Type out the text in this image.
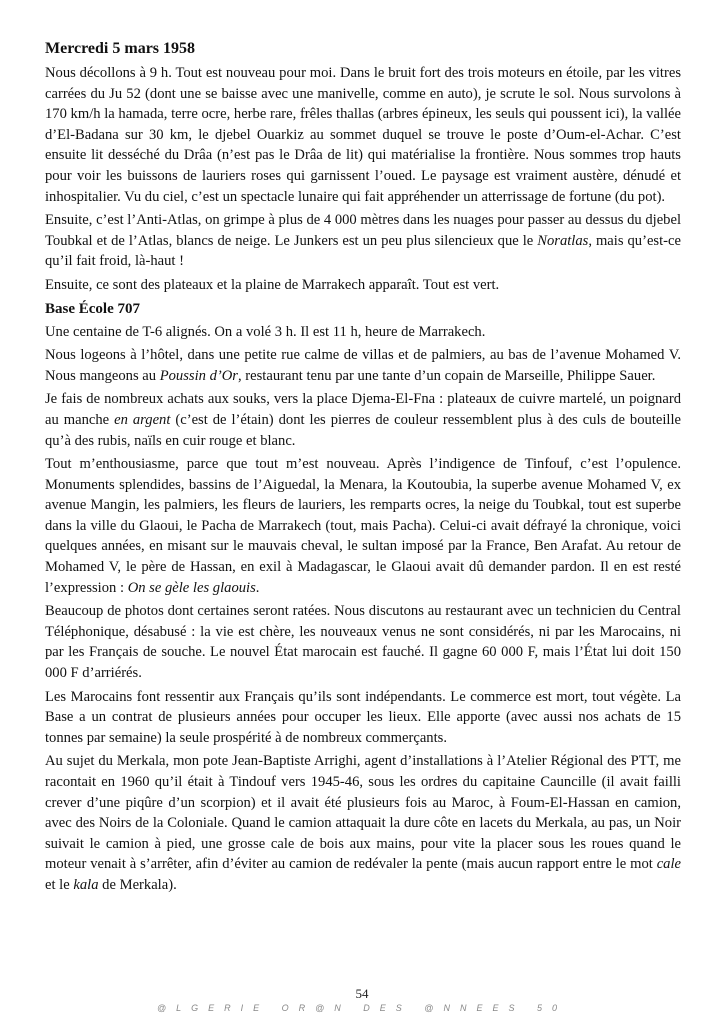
Mercredi 5 mars 1958

Nous décollons à 9 h. Tout est nouveau pour moi. Dans le bruit fort des trois moteurs en étoile, par les vitres carrées du Ju 52 (dont une se baisse avec une manivelle, comme en auto), je scrute le sol. Nous survolons à 170 km/h la hamada, terre ocre, herbe rare, frêles thallas (arbres épineux, les seuls qui poussent ici), la vallée d’El-Badana sur 30 km, le djebel Ouarkiz au sommet duquel se trouve le poste d’Oum-el-Achar. C’est ensuite lit desséché du Drâa (n’est pas le Drâa de lit) qui matérialise la frontière. Nous sommes trop hauts pour voir les buissons de lauriers roses qui garnissent l’oued. Le paysage est vraiment austère, dénudé et inhospitalier. Vu du ciel, c’est un spectacle lunaire qui fait appréhender un atterrissage de fortune (du pot).

Ensuite, c’est l’Anti-Atlas, on grimpe à plus de 4 000 mètres dans les nuages pour passer au dessus du djebel Toubkal et de l’Atlas, blancs de neige. Le Junkers est un peu plus silencieux que le Noratlas, mais qu’est-ce qu’il fait froid, là-haut !

Ensuite, ce sont des plateaux et la plaine de Marrakech apparaît. Tout est vert.

Base École 707

Une centaine de T-6 alignés. On a volé 3 h. Il est 11 h, heure de Marrakech.

Nous logeons à l’hôtel, dans une petite rue calme de villas et de palmiers, au bas de l’avenue Mohamed V. Nous mangeons au Poussin d’Or, restaurant tenu par une tante d’un copain de Marseille, Philippe Sauer.

Je fais de nombreux achats aux souks, vers la place Djema-El-Fna : plateaux de cuivre martelé, un poignard au manche en argent (c’est de l’étain) dont les pierres de couleur ressemblent plus à des culs de bouteille qu’à des rubis, naïls en cuir rouge et blanc.

Tout m’enthousiasme, parce que tout m’est nouveau. Après l’indigence de Tinfouf, c’est l’opulence. Monuments splendides, bassins de l’Aiguedal, la Menara, la Koutoubia, la superbe avenue Mohamed V, ex avenue Mangin, les palmiers, les fleurs de lauriers, les remparts ocres, la neige du Toubkal, tout est superbe dans la ville du Glaoui, le Pacha de Marrakech (tout, mais Pacha). Celui-ci avait défrayé la chronique, voici quelques années, en misant sur le mauvais cheval, le sultan imposé par la France, Ben Arafat. Au retour de Mohamed V, le père de Hassan, en exil à Madagascar, le Glaoui avait dû demander pardon. Il en est resté l’expression : On se gèle les glaouis.

Beaucoup de photos dont certaines seront ratées. Nous discutons au restaurant avec un technicien du Central Téléphonique, désabusé : la vie est chère, les nouveaux venus ne sont considérés, ni par les Marocains, ni par les Français de souche. Le nouvel État marocain est fauché. Il gagne 60 000 F, mais l’État lui doit 150 000 F d’arriérés.

Les Marocains font ressentir aux Français qu’ils sont indépendants. Le commerce est mort, tout végète. La Base a un contrat de plusieurs années pour occuper les lieux. Elle apporte (avec aussi nos achats de 15 tonnes par semaine) la seule prospérité à de nombreux commerçants.

Au sujet du Merkala, mon pote Jean-Baptiste Arrighi, agent d’installations à l’Atelier Régional des PTT, me racontait en 1960 qu’il était à Tindouf vers 1945-46, sous les ordres du capitaine Cauncille (il avait failli crever d’une piqûre d’un scorpion) et il avait été plusieurs fois au Maroc, à Foum-El-Hassan en camion, avec des Noirs de la Coloniale. Quand le camion attaquait la dure côte en lacets du Merkala, au pas, un Noir suivait le camion à pied, une grosse cale de bois aux mains, pour vite la placer sous les roues quand le moteur venait à s’arrêter, afin d’éviter au camion de redévaler la pente (mais aucun rapport entre le mot cale et le kala de Merkala).

54
@LGERIE OR@N DES @NNEES 50
